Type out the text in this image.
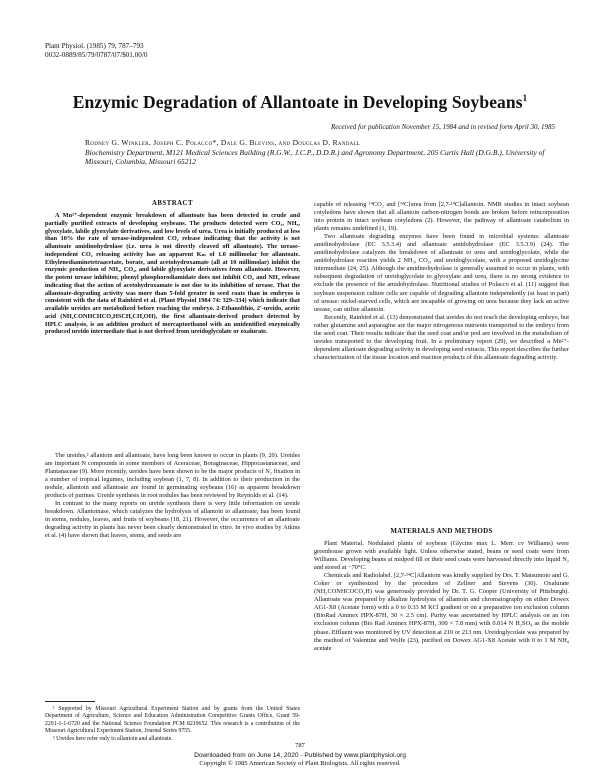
Plant Physiol. (1985) 79, 787–793
0032-0889/85/79/0787/07/$01.00/0
Enzymic Degradation of Allantoate in Developing Soybeans$^1$
Received for publication November 15, 1984 and in revised form April 30, 1985
Rodney G. Winkler, Joseph C. Polacco*, Dale G. Blevins, and Douglas D. Randall
Biochemistry Department, M121 Medical Sciences Building (R.G.W., J.C.P., D.D.R.) and Agronomy Department, 205 Curtis Hall (D.G.B.), University of Missouri, Columbia, Missouri 65212
ABSTRACT

A Mn²⁺-dependent enzymic breakdown of allantoate has been detected in crude and partially purified extracts of developing soybeans. The products detected were CO₂, NH₃, glyoxylate, labile glyoxylate derivatives, and low levels of urea. Urea is initially produced at less than 10% the rate of urease-independent CO₂ release indicating that the activity is not allantoate amidinohydrolase (i.e. urea is not directly cleaved off allantoate). The urease-independent CO₂ releasing activity has an apparent Kₘ of 1.0 millimolar for allantoate. Ethylenediaminetetraacetate, borate, and acetohydroxamate (all at 10 millimolar) inhibit the enzymic production of NH₃, CO₂, and labile glyoxylate derivatives from allantoate. However, the potent urease inhibitor, phenyl phosphorodiamidate does not inhibit CO₂ and NH₃ release indicating that the action of acetohydroxamate is not due to its inhibition of urease. That the allantoate-degrading activity was more than 5-fold greater in seed coats than in embryos is consistent with the data of Rainbird et al. (Plant Physiol 1984 74: 329–334) which indicate that available ureides are metabolized before reaching the embryo. 2-Ethanolthio, 2′-ureido, acetic acid (NH₂CONHCHCO₂HSCH₂CH₂OH), the first allantoate-derived product detected by HPLC analysis, is an addition product of mercaptoethanol with an unidentified enzymically produced ureido intermediate that is not derived from ureidoglycolate or oxalurate.

The ureides,² allantoin and allantoate, have long been known to occur in plants (9, 20). Ureides are important N compounds in some members of Aceraceae, Boraginaceae, Hippocastanaceae, and Plantanaceae (9). More recently, ureides have been shown to be the major products of N₂ fixation in a number of tropical legumes, including soybean (1, 7, 8). In addition to their production in the nodule, allantoin and allantoate are found in germinating soybeans (16) as apparent breakdown products of purines. Ureide synthesis in root nodules has been reviewed by Reynolds et al. (14).

In contrast to the many reports on ureide synthesis there is very little information on ureide breakdown. Allantoinase, which catalyzes the hydrolysis of allantoin to allantoate, has been found in stems, nodules, leaves, and fruits of soybeans (18, 21). However, the occurrence of an allantoate degrading activity in plants has never been clearly demonstrated in vitro. In vivo studies by Atkins et al. (4) have shown that leaves, stems, and seeds are

¹ Supported by Missouri Agricultural Experiment Station and by grants from the United States Department of Agriculture, Science and Education Administration Competitive Grants Office, Grant 59-2291-1-1-6720 and the National Science Foundation PCM 8219652. This research is a contribution of the Missouri Agricultural Experiment Station, Journal Series 9755.

² Ureides here refer only to allantoin and allantoate.

capable of releasing ¹⁴CO₂ and [¹⁴C]urea from [2,7-¹⁴C]allantoin. NMR studies in intact soybean cotyledons have shown that all allantoin carbon-nitrogen bonds are broken before reincorporation into protein in intact soybean cotyledons (2). However, the pathway of allantoate catabolism in plants remains undefined (1, 19).

Two allantoate degrading enzymes have been found in microbial systems: allantoate amidinohydrolase (EC 3.5.3.4) and allantoate amidohydrolase (EC 3.5.3.9) (24). The amidinohydrolase catalyzes the breakdown of allantoate to urea and ureidoglycolate, while the amidohydrolase reaction yields 2 NH₃, CO₂, and ureidoglycolate, with a proposed ureidoglycine intermediate (24, 25). Although the amidinohydrolase is generally assumed to occur in plants, with subsequent degradation of ureidoglycolate to glyoxylate and urea, there is no strong evidence to exclude the presence of the amidohydrolase. Nutritional studies of Polacco et al. (11) suggest that soybean suspension culture cells are capable of degrading allantoin independently (at least in part) of urease: nickel-starved cells, which are incapable of growing on urea because they lack an active urease, can utilize allantoin.

Recently, Rainbird et al. (13) demonstrated that ureides do not reach the developing embryo, but rather glutamine and asparagine are the major nitrogenous nutrients transported to the embryo from the seed coat. Their results indicate that the seed coat and/or pod are involved in the metabolism of ureides transported to the developing fruit. In a preliminary report (29), we described a Mn²⁺-dependent allantoate degrading activity in developing seed extracts. This report describes the further characterization of the tissue location and reaction products of this allantoate degrading activity.

MATERIALS AND METHODS

Plant Material. Nodulated plants of soybean (Glycine max L. Merr. cv Williams) were greenhouse grown with available light. Unless otherwise stated, beans or seed coats were from Williams. Developing beans at midpod fill or their seed coats were harvested directly into liquid N₂ and stored at −70°C.

Chemicals and Radiolabel. [2,7-¹⁴C]Allantoin was kindly supplied by Drs. T. Matsumoto and G. Coker or synthesized by the procedure of Zellner and Stevens (30). Oxalurate (NH₂CONHCOCO₂H) was generously provided by Dr. T. G. Cooper (University of Pittsburgh). Allantoate was prepared by alkaline hydrolysis of allantoin and chromatography on either Dowex AG1-X8 (Acetate form) with a 0 to 0.33 M KCl gradient or on a preparative ion exclusion column (BioRad Aminex HPX-87H, 30 × 2.5 cm). Purity was ascertained by HPLC analysis on an ion exclusion column (Bio Rad Aminex HPX-87H, 300 × 7.8 mm) with 0.014 N H₂SO₄ as the mobile phase. Effluent was monitored by UV detection at 210 or 213 nm. Ureidoglycolate was prepared by the method of Valentine and Wolfe (23), purified on Dowex AG1-X8 Acetate with 0 to 1 M NH₄ acetate

787
Downloaded from on June 14, 2020 - Published by www.plantphysiol.org
Copyright © 1985 American Society of Plant Biologists. All rights reserved.
